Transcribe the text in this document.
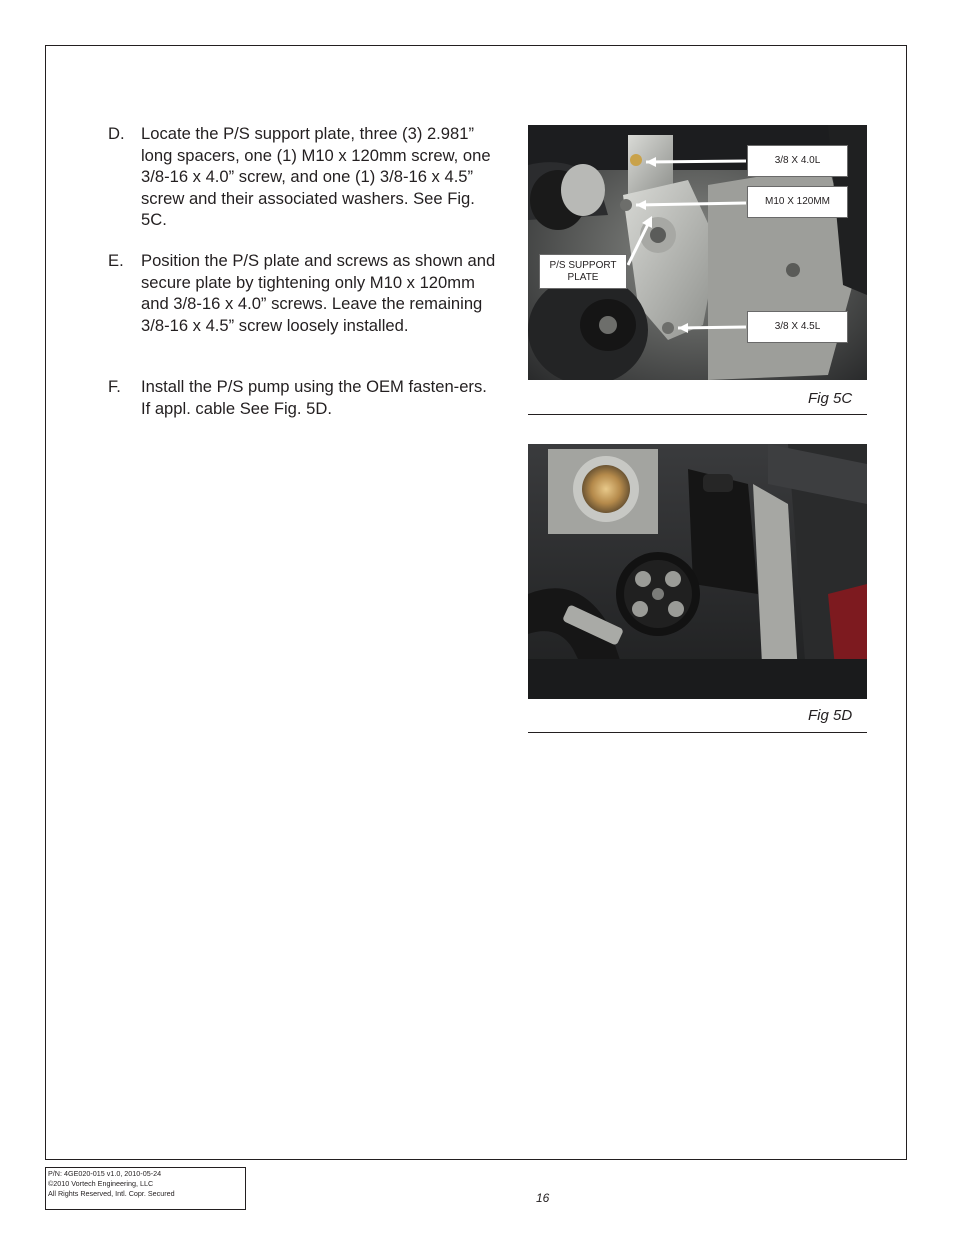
D. Locate the P/S support plate, three (3) 2.981” long spacers, one (1) M10 x 120mm screw, one 3/8-16 x 4.0” screw, and one (1) 3/8-16 x 4.5” screw and their associated washers. See Fig. 5C.
E. Position the P/S plate and screws as shown and secure plate by tightening only M10 x 120mm and 3/8-16 x 4.0” screws. Leave the remaining 3/8-16 x 4.5” screw loosely installed.
F. Install the P/S pump using the OEM fasten-ers. If appl. cable See Fig. 5D.
3/8 X 4.0L
M10 X 120MM
P/S SUPPORT
PLATE
3/8 X 4.5L
Fig 5C
Fig 5D
P/N: 4GE020-015 v1.0, 2010-05-24
©2010 Vortech Engineering, LLC
All Rights Reserved, Intl. Copr. Secured	16
